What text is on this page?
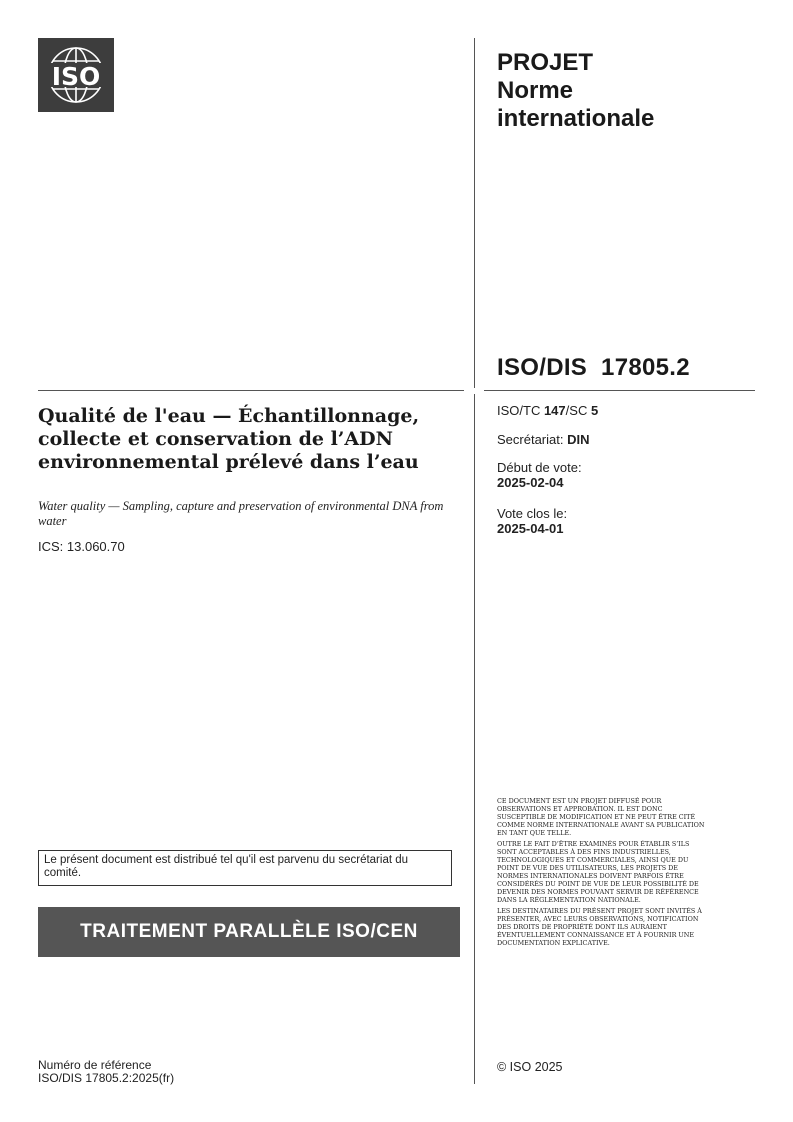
ISO	PROJET
Norme
internationale
ISO/DIS  17805.2
Qualité de l'eau — Échantillonnage, collecte et conservation de l’ADN environnemental prélevé dans l’eau
Water quality — Sampling, capture and preservation of environmental DNA from water
ICS: 13.060.70
ISO/TC 147/SC 5
Secrétariat: DIN
Début de vote:
2025-02-04
Vote clos le:
2025-04-01
Le présent document est distribué tel qu'il est parvenu du secrétariat du comité.
TRAITEMENT PARALLÈLE ISO/CEN
Numéro de référence
ISO/DIS 17805.2:2025(fr)

CE DOCUMENT EST UN PROJET DIFFUSÉ POUR OBSERVATIONS ET APPROBATION. IL EST DONC SUSCEPTIBLE DE MODIFICATION ET NE PEUT ÊTRE CITÉ COMME NORME INTERNATIONALE AVANT SA PUBLICATION EN TANT QUE TELLE.

OUTRE LE FAIT D’ÊTRE EXAMINÉS POUR ÉTABLIR S’ILS SONT ACCEPTABLES À DES FINS INDUSTRIELLES, TECHNOLOGIQUES ET COMMERCIALES, AINSI QUE DU POINT DE VUE DES UTILISATEURS, LES PROJETS DE NORMES INTERNATIONALES DOIVENT PARFOIS ÊTRE CONSIDÉRÉS DU POINT DE VUE DE LEUR POSSIBILITÉ DE DEVENIR DES NORMES POUVANT SERVIR DE RÉFÉRENCE DANS LA RÉGLEMENTATION NATIONALE.

LES DESTINATAIRES DU PRÉSENT PROJET SONT INVITÉS À PRÉSENTER, AVEC LEURS OBSERVATIONS, NOTIFICATION DES DROITS DE PROPRIÉTÉ DONT ILS AURAIENT ÉVENTUELLEMENT CONNAISSANCE ET À FOURNIR UNE DOCUMENTATION EXPLICATIVE.

© ISO 2025
